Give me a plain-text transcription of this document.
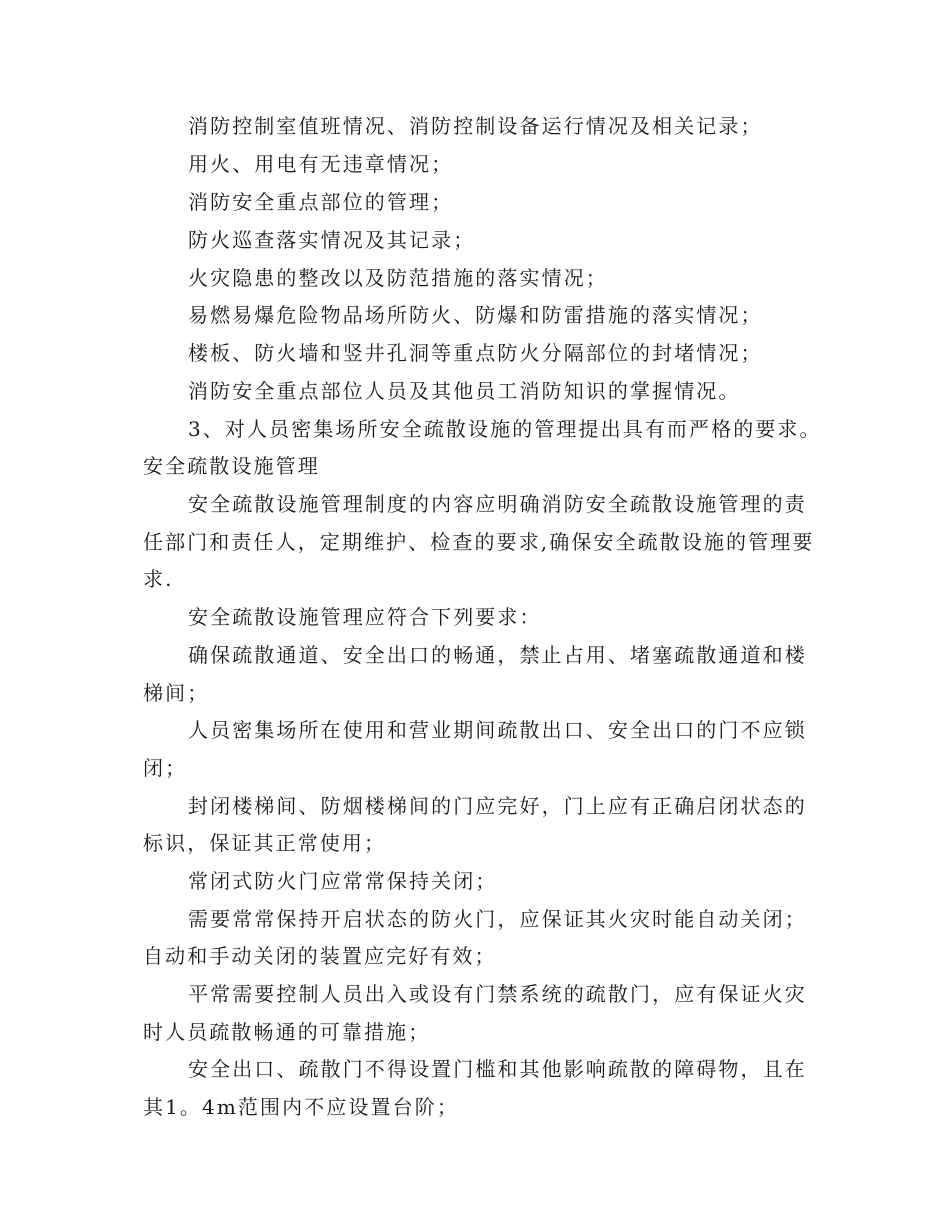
消防控制室值班情况、消防控制设备运行情况及相关记录；
用火、用电有无违章情况；
消防安全重点部位的管理；
防火巡查落实情况及其记录；
火灾隐患的整改以及防范措施的落实情况；
易燃易爆危险物品场所防火、防爆和防雷措施的落实情况；
楼板、防火墙和竖井孔洞等重点防火分隔部位的封堵情况；
消防安全重点部位人员及其他员工消防知识的掌握情况。
3、对人员密集场所安全疏散设施的管理提出具有而严格的要求。
安全疏散设施管理
安全疏散设施管理制度的内容应明确消防安全疏散设施管理的责
任部门和责任人，定期维护、检查的要求,确保安全疏散设施的管理要
求.
安全疏散设施管理应符合下列要求：
确保疏散通道、安全出口的畅通，禁止占用、堵塞疏散通道和楼
梯间；
人员密集场所在使用和营业期间疏散出口、安全出口的门不应锁
闭；
封闭楼梯间、防烟楼梯间的门应完好，门上应有正确启闭状态的
标识，保证其正常使用；
常闭式防火门应常常保持关闭；
需要常常保持开启状态的防火门，应保证其火灾时能自动关闭；
自动和手动关闭的装置应完好有效；
平常需要控制人员出入或设有门禁系统的疏散门，应有保证火灾
时人员疏散畅通的可靠措施；
安全出口、疏散门不得设置门槛和其他影响疏散的障碍物，且在
其1。4m范围内不应设置台阶；
